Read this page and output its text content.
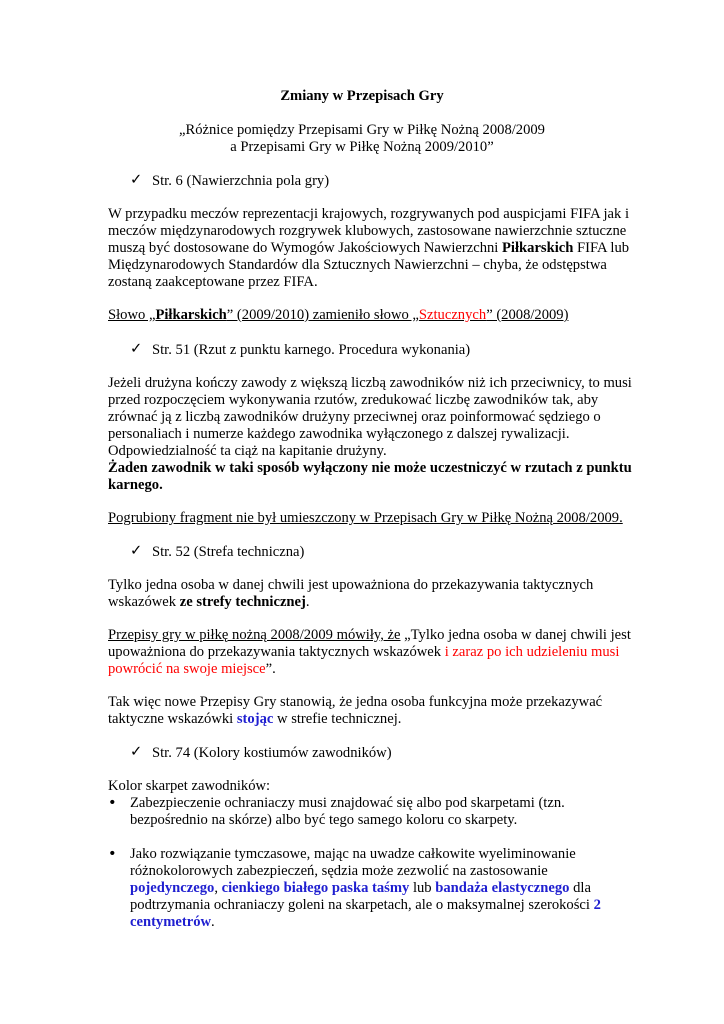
Zmiany w Przepisach Gry
„Różnice pomiędzy Przepisami Gry w Piłkę Nożną 2008/2009
a Przepisami Gry w Piłkę Nożną 2009/2010”
✓ Str. 6 (Nawierzchnia pola gry)
W przypadku meczów reprezentacji krajowych, rozgrywanych pod auspicjami FIFA jak i
meczów międzynarodowych rozgrywek klubowych, zastosowane nawierzchnie sztuczne
muszą być dostosowane do Wymogów Jakościowych Nawierzchni Piłkarskich FIFA lub
Międzynarodowych Standardów dla Sztucznych Nawierzchni – chyba, że odstępstwa
zostaną zaakceptowane przez FIFA.
Słowo „Piłkarskich” (2009/2010) zamieniło słowo „Sztucznych” (2008/2009)
✓ Str. 51 (Rzut z punktu karnego. Procedura wykonania)
Jeżeli drużyna kończy zawody z większą liczbą zawodników niż ich przeciwnicy, to musi
przed rozpoczęciem wykonywania rzutów, zredukować liczbę zawodników tak, aby
zrównać ją z liczbą zawodników drużyny przeciwnej oraz poinformować sędziego o
personaliach i numerze każdego zawodnika wyłączonego z dalszej rywalizacji.
Odpowiedzialność ta ciąż na kapitanie drużyny.
Żaden zawodnik w taki sposób wyłączony nie może uczestniczyć w rzutach z punktu
karnego.
Pogrubiony fragment nie był umieszczony w Przepisach Gry w Piłkę Nożną 2008/2009.
✓ Str. 52 (Strefa techniczna)
Tylko jedna osoba w danej chwili jest upoważniona do przekazywania taktycznych
wskazówek ze strefy technicznej.
Przepisy gry w piłkę nożną 2008/2009 mówiły, że „Tylko jedna osoba w danej chwili jest
upoważniona do przekazywania taktycznych wskazówek i zaraz po ich udzieleniu musi
powrócić na swoje miejsce”.
Tak więc nowe Przepisy Gry stanowią, że jedna osoba funkcyjna może przekazywać
taktyczne wskazówki stojąc w strefie technicznej.
✓ Str. 74 (Kolory kostiumów zawodników)
Kolor skarpet zawodników:
• Zabezpieczenie ochraniaczy musi znajdować się albo pod skarpetami (tzn.
bezpośrednio na skórze) albo być tego samego koloru co skarpety.
• Jako rozwiązanie tymczasowe, mając na uwadze całkowite wyeliminowanie
różnokolorowych zabezpieczeń, sędzia może zezwolić na zastosowanie
pojedynczego, cienkiego białego paska taśmy lub bandaża elastycznego dla
podtrzymania ochraniaczy goleni na skarpetach, ale o maksymalnej szerokości 2
centymetrów.
